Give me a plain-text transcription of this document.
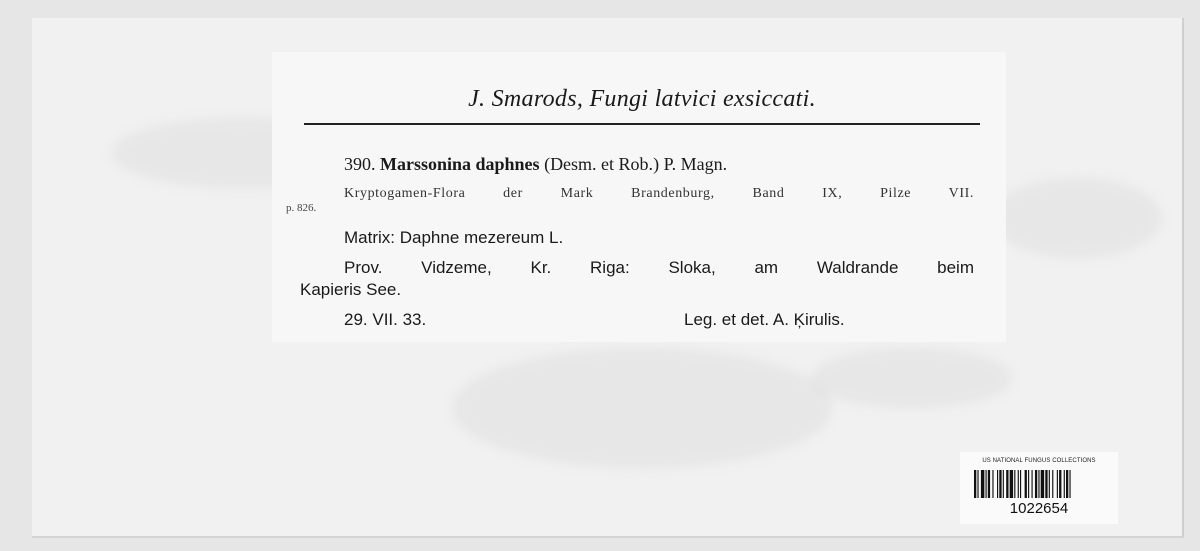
J. Smarods, Fungi latvici exsiccati.
390. Marssonina daphnes (Desm. et Rob.) P. Magn.
Kryptogamen-Flora der Mark Brandenburg, Band IX, Pilze VII.
p. 826.
Matrix: Daphne mezereum L.
Prov. Vidzeme, Kr. Riga: Sloka, am Waldrande beim
Kapieris See.
29. VII. 33.	Leg. et det. A. Ķirulis.
US NATIONAL FUNGUS COLLECTIONS
1022654
